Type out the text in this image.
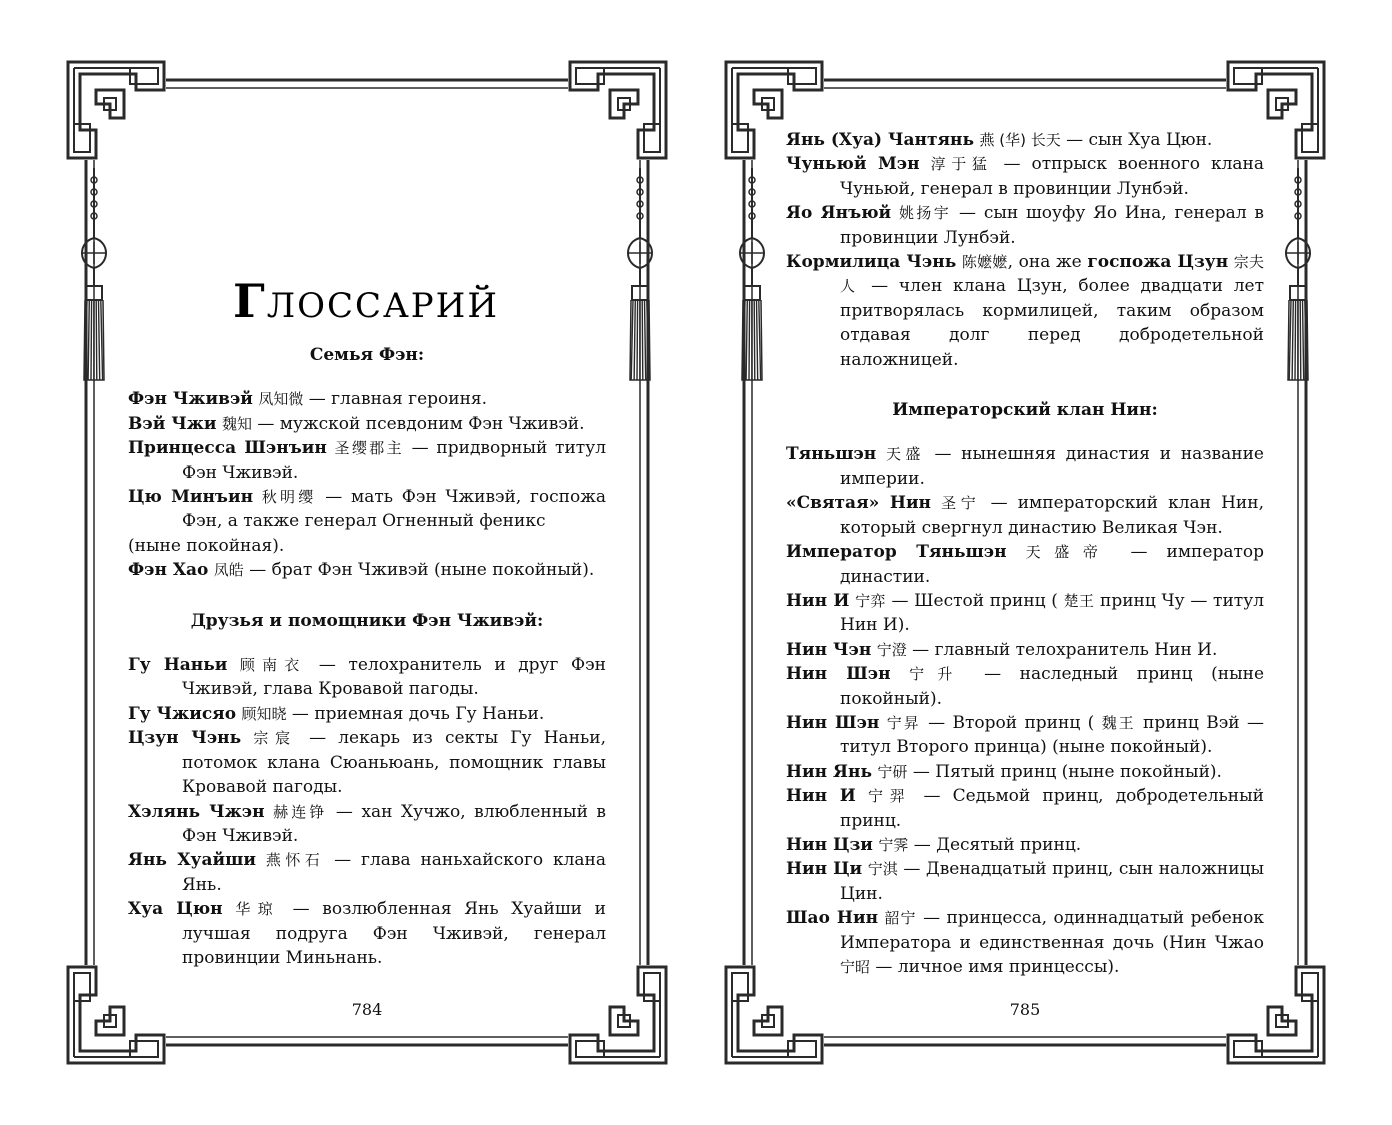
ГЛОССАРИЙ
Семья Фэн:

Фэн Чживэй 凤知微 — главная героиня.

Вэй Чжи 魏知 — мужской псевдоним Фэн Чживэй.

Принцесса Шэнъин 圣缨郡主 — придворный титул Фэн Чживэй.

Цю Минъин 秋明缨 — мать Фэн Чживэй, госпожа Фэн, а также генерал Огненный феникс

(ныне покойная).

Фэн Хао 凤皓 — брат Фэн Чживэй (ныне покойный).

Друзья и помощники Фэн Чживэй:

Гу Наньи 顾南衣 — телохранитель и друг Фэн Чживэй, глава Кровавой пагоды.

Гу Чжисяо 顾知晓 — приемная дочь Гу Наньи.

Цзун Чэнь 宗宸 — лекарь из секты Гу Наньи, потомок клана Сюаньюань, помощник главы Кровавой пагоды.

Хэлянь Чжэн 赫连铮 — хан Хучжо, влюбленный в Фэн Чживэй.

Янь Хуайши 燕怀石 — глава наньхайского клана Янь.

Хуа Цюн 华琼 — возлюбленная Янь Хуайши и лучшая подруга Фэн Чживэй, генерал провинции Миньнань.

784

Янь (Хуа) Чантянь 燕 (华) 长天 — сын Хуа Цюн.

Чуньюй Мэн 淳于猛 — отпрыск военного клана Чуньюй, генерал в провинции Лунбэй.

Яо Янъюй 姚扬宇 — сын шоуфу Яо Ина, генерал в провинции Лунбэй.

Кормилица Чэнь 陈嬷嬷, она же госпожа Цзун 宗夫人 — член клана Цзун, более двадцати лет притворялась кормилицей, таким образом отдавая долг перед добродетельной наложницей.

Императорский клан Нин:

Тяньшэн 天盛 — нынешняя династия и название империи.

«Святая» Нин 圣宁 — императорский клан Нин, который свергнул династию Великая Чэн.

Император Тяньшэн 天盛帝 — император династии.

Нин И 宁弈 — Шестой принц ( 楚王 принц Чу — титул Нин И).

Нин Чэн 宁澄 — главный телохранитель Нин И.

Нин Шэн 宁升 — наследный принц (ныне покойный).

Нин Шэн 宁昇 — Второй принц ( 魏王 принц Вэй — титул Второго принца) (ныне покойный).

Нин Янь 宁研 — Пятый принц (ныне покойный).

Нин И 宁羿 — Седьмой принц, добродетельный принц.

Нин Цзи 宁霁 — Десятый принц.

Нин Ци 宁淇 — Двенадцатый принц, сын наложницы Цин.

Шао Нин 韶宁 — принцесса, одиннадцатый ребенок Императора и единственная дочь (Нин Чжао 宁昭 — личное имя принцессы).

785
